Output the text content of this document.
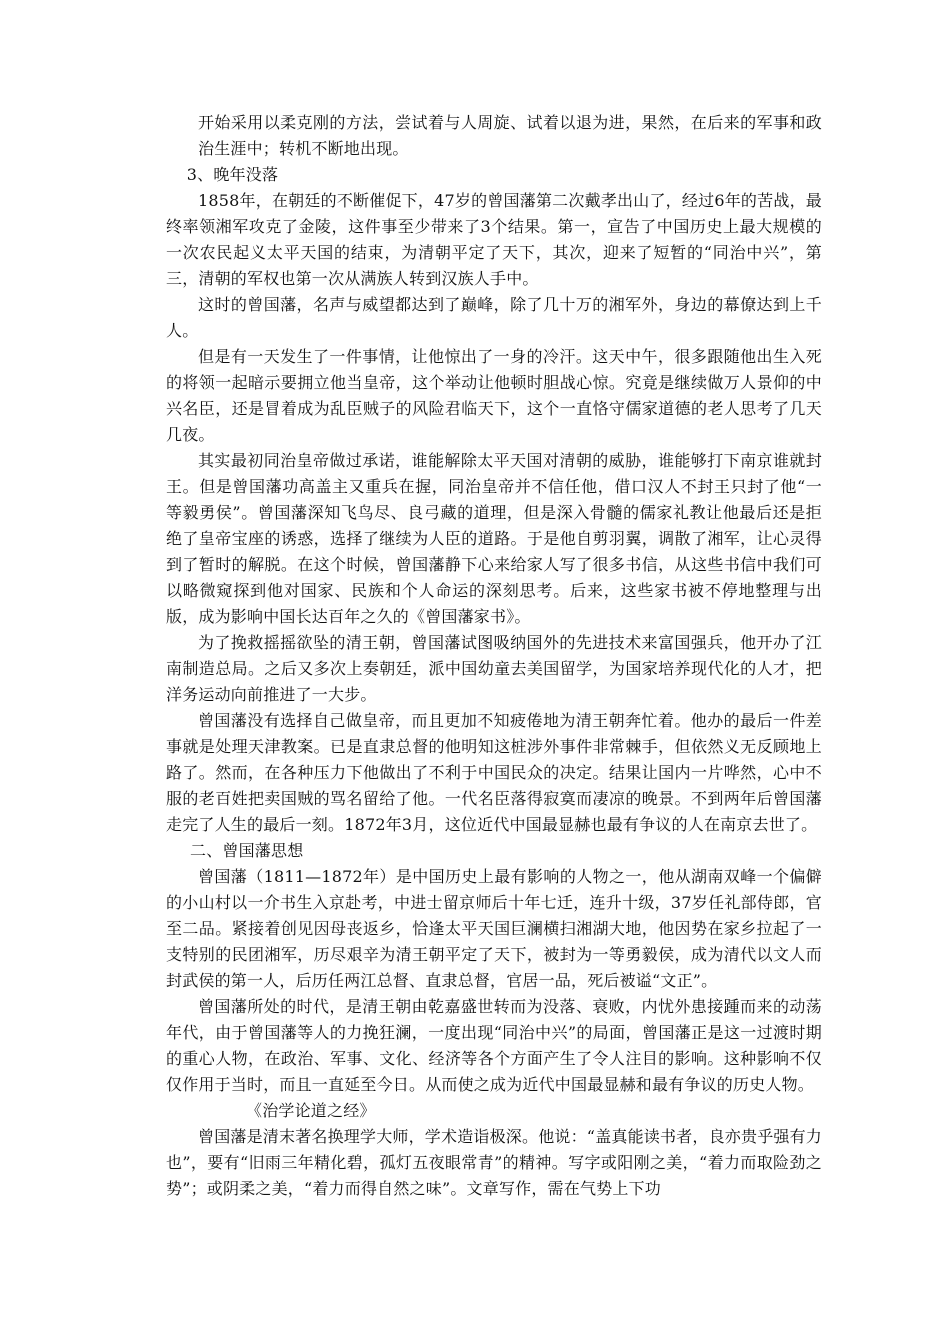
开始采用以柔克刚的方法，尝试着与人周旋、试着以退为进，果然，在后来的军事和政治生涯中；转机不断地出现。

3、晚年没落

1858年，在朝廷的不断催促下，47岁的曾国藩第二次戴孝出山了，经过6年的苦战，最终率领湘军攻克了金陵，这件事至少带来了3个结果。第一，宣告了中国历史上最大规模的一次农民起义太平天国的结束，为清朝平定了天下，其次，迎来了短暂的“同治中兴”，第三，清朝的军权也第一次从满族人转到汉族人手中。

这时的曾国藩，名声与威望都达到了巅峰，除了几十万的湘军外，身边的幕僚达到上千人。

但是有一天发生了一件事情，让他惊出了一身的冷汗。这天中午，很多跟随他出生入死的将领一起暗示要拥立他当皇帝，这个举动让他顿时胆战心惊。究竟是继续做万人景仰的中兴名臣，还是冒着成为乱臣贼子的风险君临天下，这个一直恪守儒家道德的老人思考了几天几夜。

其实最初同治皇帝做过承诺，谁能解除太平天国对清朝的威胁，谁能够打下南京谁就封王。但是曾国藩功高盖主又重兵在握，同治皇帝并不信任他，借口汉人不封王只封了他“一等毅勇侯”。曾国藩深知飞鸟尽、良弓藏的道理，但是深入骨髓的儒家礼教让他最后还是拒绝了皇帝宝座的诱惑，选择了继续为人臣的道路。于是他自剪羽翼，调散了湘军，让心灵得到了暂时的解脱。在这个时候，曾国藩静下心来给家人写了很多书信，从这些书信中我们可以略微窥探到他对国家、民族和个人命运的深刻思考。后来，这些家书被不停地整理与出版，成为影响中国长达百年之久的《曾国藩家书》。

为了挽救摇摇欲坠的清王朝，曾国藩试图吸纳国外的先进技术来富国强兵，他开办了江南制造总局。之后又多次上奏朝廷，派中国幼童去美国留学，为国家培养现代化的人才，把洋务运动向前推进了一大步。

曾国藩没有选择自己做皇帝，而且更加不知疲倦地为清王朝奔忙着。他办的最后一件差事就是处理天津教案。已是直隶总督的他明知这桩涉外事件非常棘手，但依然义无反顾地上路了。然而，在各种压力下他做出了不利于中国民众的决定。结果让国内一片哗然，心中不服的老百姓把卖国贼的骂名留给了他。一代名臣落得寂寞而凄凉的晚景。不到两年后曾国藩走完了人生的最后一刻。1872年3月，这位近代中国最显赫也最有争议的人在南京去世了。

二、曾国藩思想

曾国藩（1811—1872年）是中国历史上最有影响的人物之一，他从湖南双峰一个偏僻的小山村以一介书生入京赴考，中进士留京师后十年七迁，连升十级，37岁任礼部侍郎，官至二品。紧接着创见因母丧返乡，恰逢太平天国巨澜横扫湘湖大地，他因势在家乡拉起了一支特别的民团湘军，历尽艰辛为清王朝平定了天下，被封为一等勇毅侯，成为清代以文人而封武侯的第一人，后历任两江总督、直隶总督，官居一品，死后被谥“文正”。

曾国藩所处的时代，是清王朝由乾嘉盛世转而为没落、衰败，内忧外患接踵而来的动荡年代，由于曾国藩等人的力挽狂澜，一度出现“同治中兴”的局面，曾国藩正是这一过渡时期的重心人物，在政治、军事、文化、经济等各个方面产生了令人注目的影响。这种影响不仅仅作用于当时，而且一直延至今日。从而使之成为近代中国最显赫和最有争议的历史人物。

《治学论道之经》

曾国藩是清末著名换理学大师，学术造诣极深。他说：“盖真能读书者，良亦贵乎强有力也”，要有“旧雨三年精化碧，孤灯五夜眼常青”的精神。写字或阳刚之美，“着力而取险劲之势”；或阴柔之美，“着力而得自然之味”。文章写作，需在气势上下功
